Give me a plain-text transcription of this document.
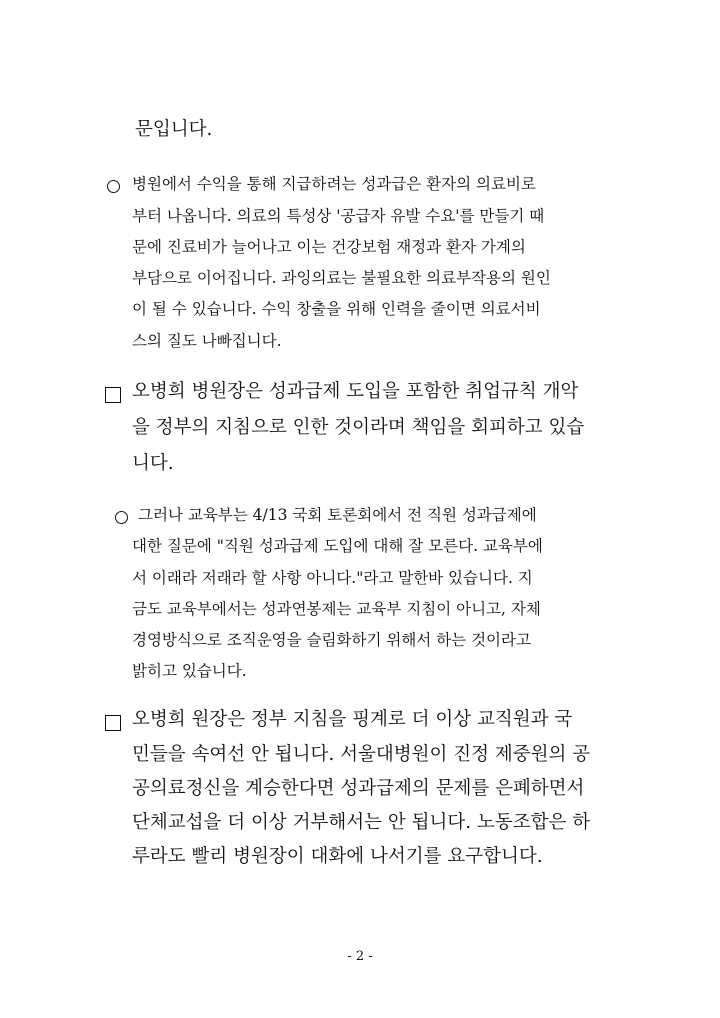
문입니다.
병원에서 수익을 통해 지급하려는 성과급은 환자의 의료비로
부터 나옵니다. 의료의 특성상 '공급자 유발 수요'를 만들기 때
문에 진료비가 늘어나고 이는 건강보험 재정과 환자 가계의
부담으로 이어집니다. 과잉의료는 불필요한 의료부작용의 원인
이 될 수 있습니다. 수익 창출을 위해 인력을 줄이면 의료서비
스의 질도 나빠집니다.
오병희 병원장은 성과급제 도입을 포함한 취업규칙 개악
을 정부의 지침으로 인한 것이라며 책임을 회피하고 있습
니다.
그러나 교육부는 4/13 국회 토론회에서 전 직원 성과급제에
대한 질문에 "직원 성과급제 도입에 대해 잘 모른다. 교육부에
서 이래라 저래라 할 사항 아니다."라고 말한바 있습니다. 지
금도 교육부에서는 성과연봉제는 교육부 지침이 아니고, 자체
경영방식으로 조직운영을 슬림화하기 위해서 하는 것이라고
밝히고 있습니다.
오병희 원장은 정부 지침을 핑계로 더 이상 교직원과 국
민들을 속여선 안 됩니다. 서울대병원이 진정 제중원의 공
공의료정신을 계승한다면 성과급제의 문제를 은폐하면서
단체교섭을 더 이상 거부해서는 안 됩니다. 노동조합은 하
루라도 빨리 병원장이 대화에 나서기를 요구합니다.
- 2 -
